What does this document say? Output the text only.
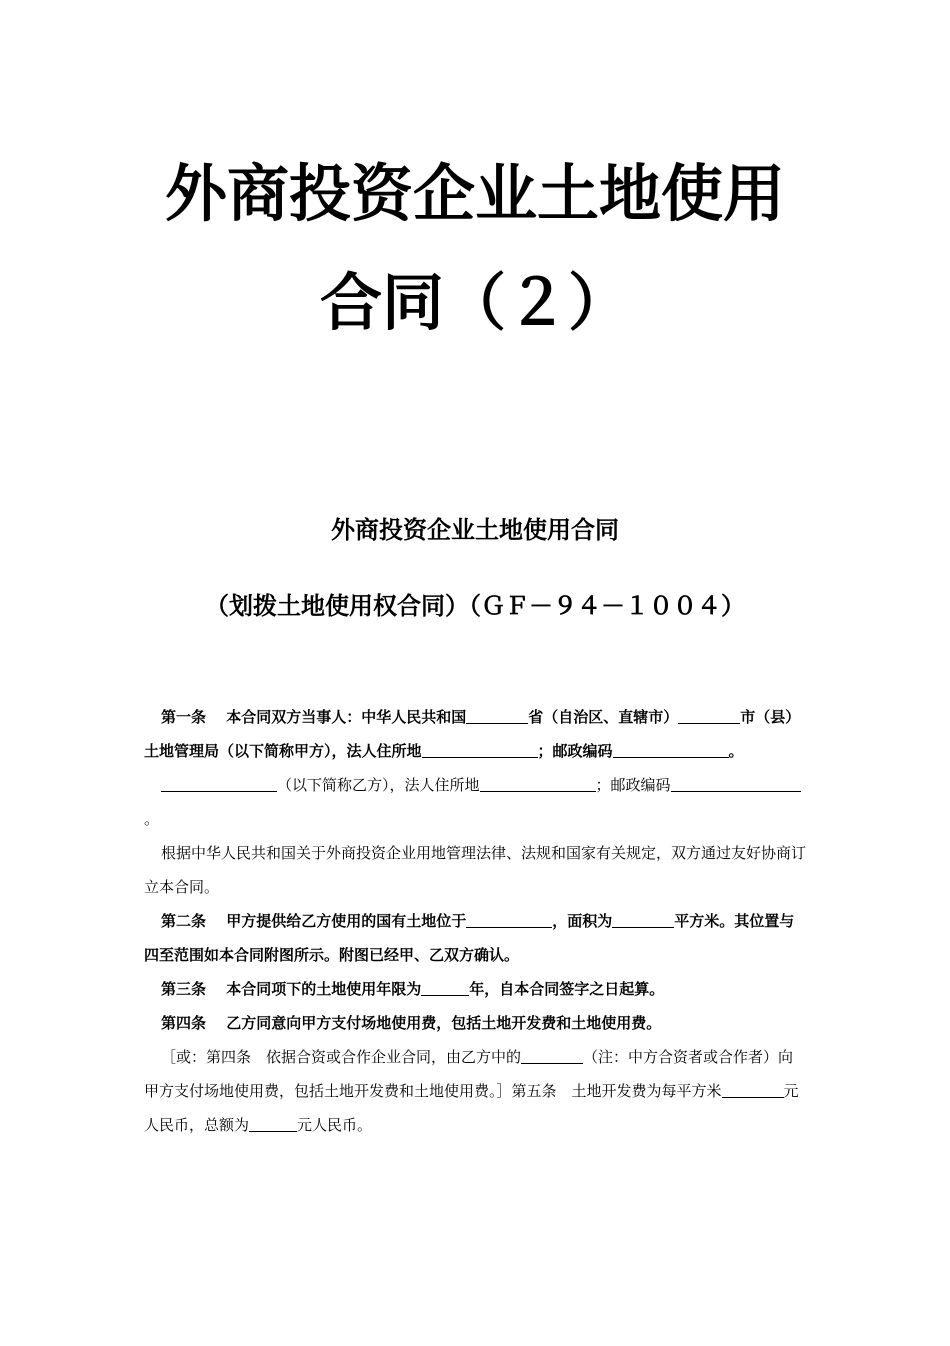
外商投资企业土地使用
合同（２）
外商投资企业土地使用合同
（划拨土地使用权合同）（ＧＦ－９４－１００４）

第一条　 本合同双方当事人：中华人民共和国	省（自治区、直辖市）	市（县）土地管理局（以下简称甲方），法人住所地	；邮政编码	。

（以下简称乙方），法人住所地	；邮政编码。

根据中华人民共和国关于外商投资企业用地管理法律、法规和国家有关规定，双方通过友好协商订立本合同。

第二条　 甲方提供给乙方使用的国有土地位于	，面积为	平方米。其位置与四至范围如本合同附图所示。附图已经甲、乙双方确认。

第三条　 本合同项下的土地使用年限为	年，自本合同签字之日起算。

第四条　 乙方同意向甲方支付场地使用费，包括土地开发费和土地使用费。

［或：第四条　依据合资或合作企业合同，由乙方中的	（注：中方合资者或合作者）向甲方支付场地使用费，包括土地开发费和土地使用费。］第五条　土地开发费为每平方米	元人民币，总额为	元人民币。
